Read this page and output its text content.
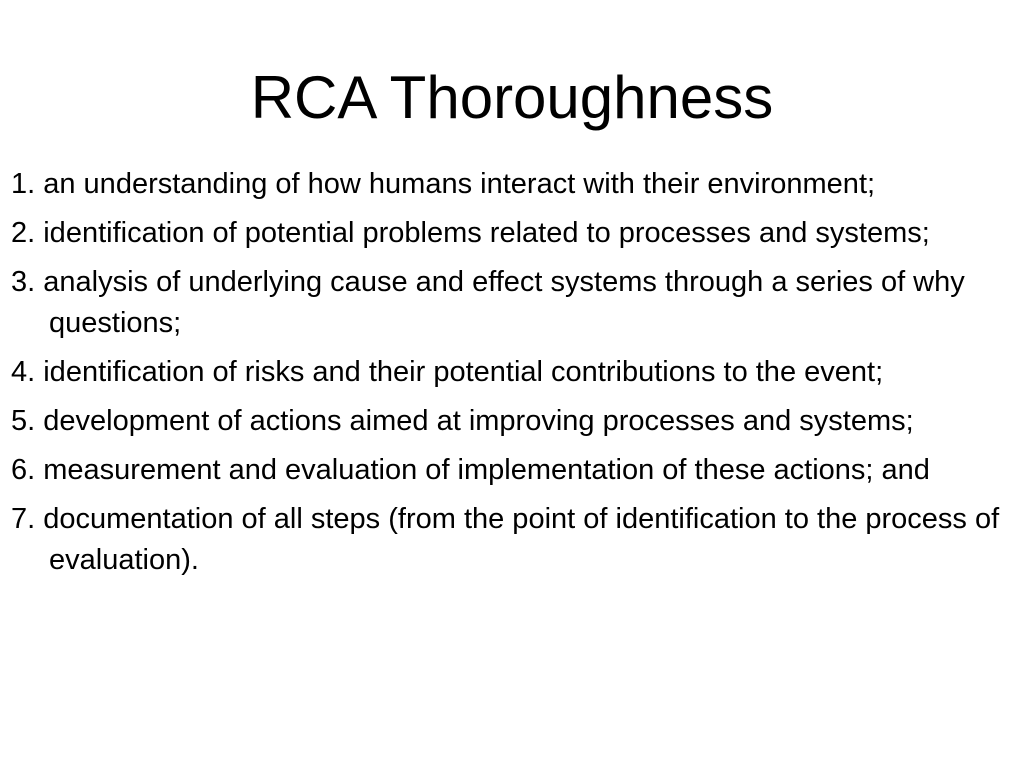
RCA Thoroughness
1. an understanding of how humans interact with their environment;
2. identification of potential problems related to processes and systems;
3. analysis of underlying cause and effect systems through a series of why questions;
4. identification of risks and their potential contributions to the event;
5. development of actions aimed at improving processes and systems;
6. measurement and evaluation of implementation of these actions; and
7. documentation of all steps (from the point of identification to the process of evaluation).
